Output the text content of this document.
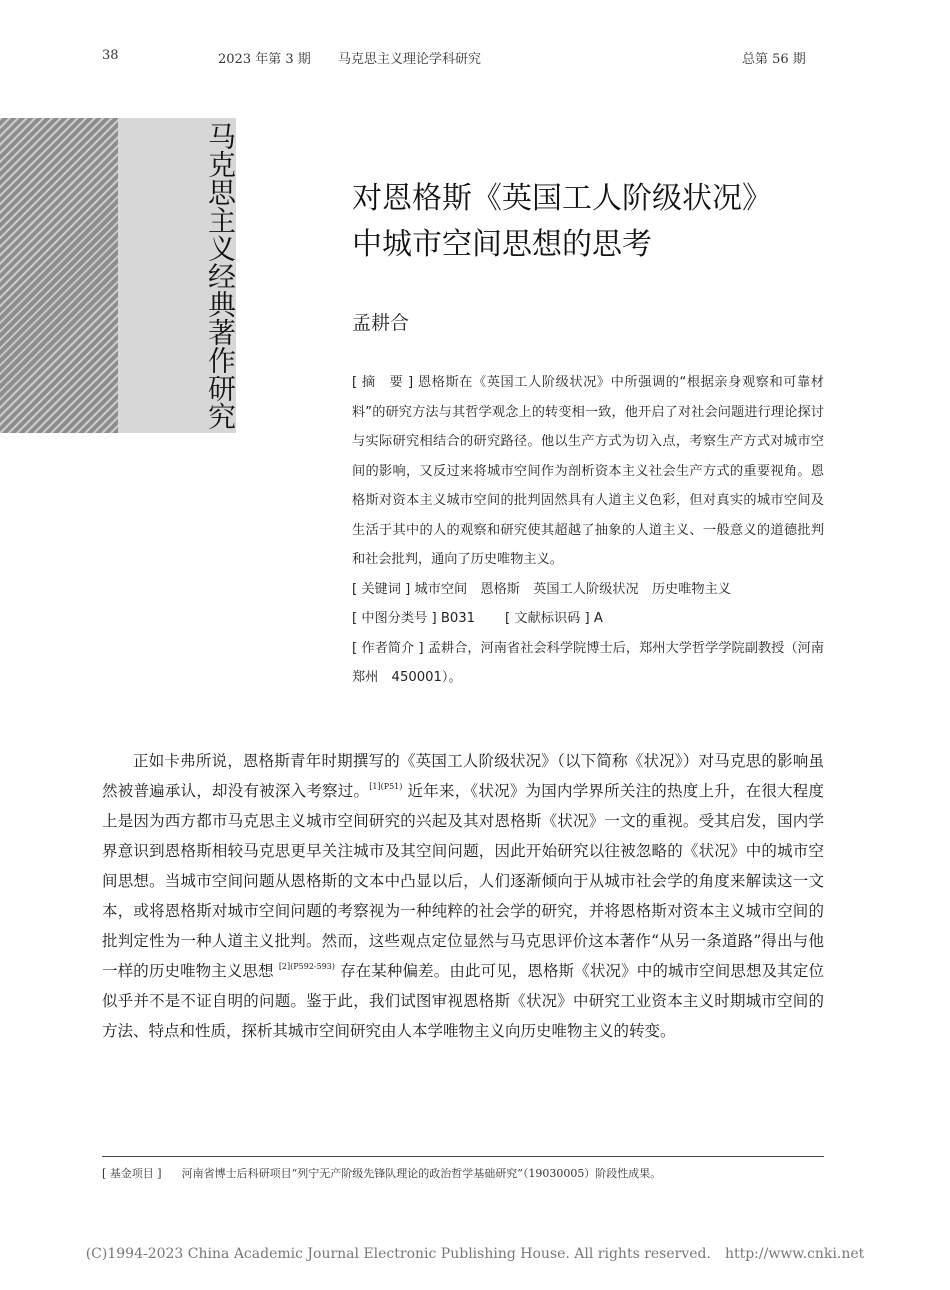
38	2023 年第 3 期 马克思主义理论学科研究	总第 56 期
马克思主义经典著作研究	对恩格斯《英国工人阶级状况》
中城市空间思想的思考
孟耕合

[ 摘　要 ] 恩格斯在《英国工人阶级状况》中所强调的“根据亲身观察和可靠材料”的研究方法与其哲学观念上的转变相一致，他开启了对社会问题进行理论探讨与实际研究相结合的研究路径。他以生产方式为切入点，考察生产方式对城市空间的影响，又反过来将城市空间作为剖析资本主义社会生产方式的重要视角。恩格斯对资本主义城市空间的批判固然具有人道主义色彩，但对真实的城市空间及生活于其中的人的观察和研究使其超越了抽象的人道主义、一般意义的道德批判和社会批判，通向了历史唯物主义。

[ 关键词 ] 城市空间　恩格斯　英国工人阶级状况　历史唯物主义

[ 中图分类号 ] B031 [ 文献标识码 ] A

[ 作者简介 ] 孟耕合，河南省社会科学院博士后，郑州大学哲学学院副教授（河南　郑州　450001）。

正如卡弗所说，恩格斯青年时期撰写的《英国工人阶级状况》（以下简称《状况》）对马克思的影响虽然被普遍承认，却没有被深入考察过。$^{[1](P51)}$ 近年来，《状况》为国内学界所关注的热度上升，在很大程度上是因为西方都市马克思主义城市空间研究的兴起及其对恩格斯《状况》一文的重视。受其启发，国内学界意识到恩格斯相较马克思更早关注城市及其空间问题，因此开始研究以往被忽略的《状况》中的城市空间思想。当城市空间问题从恩格斯的文本中凸显以后，人们逐渐倾向于从城市社会学的角度来解读这一文本，或将恩格斯对城市空间问题的考察视为一种纯粹的社会学的研究，并将恩格斯对资本主义城市空间的批判定性为一种人道主义批判。然而，这些观点定位显然与马克思评价这本著作“从另一条道路”得出与他一样的历史唯物主义思想 $^{[2](P592-593)}$ 存在某种偏差。由此可见，恩格斯《状况》中的城市空间思想及其定位似乎并不是不证自明的问题。鉴于此，我们试图审视恩格斯《状况》中研究工业资本主义时期城市空间的方法、特点和性质，探析其城市空间研究由人本学唯物主义向历史唯物主义的转变。
[ 基金项目 ] 河南省博士后科研项目“列宁无产阶级先锋队理论的政治哲学基础研究”（19030005）阶段性成果。
(C)1994-2023 China Academic Journal Electronic Publishing House. All rights reserved.　http://www.cnki.net
